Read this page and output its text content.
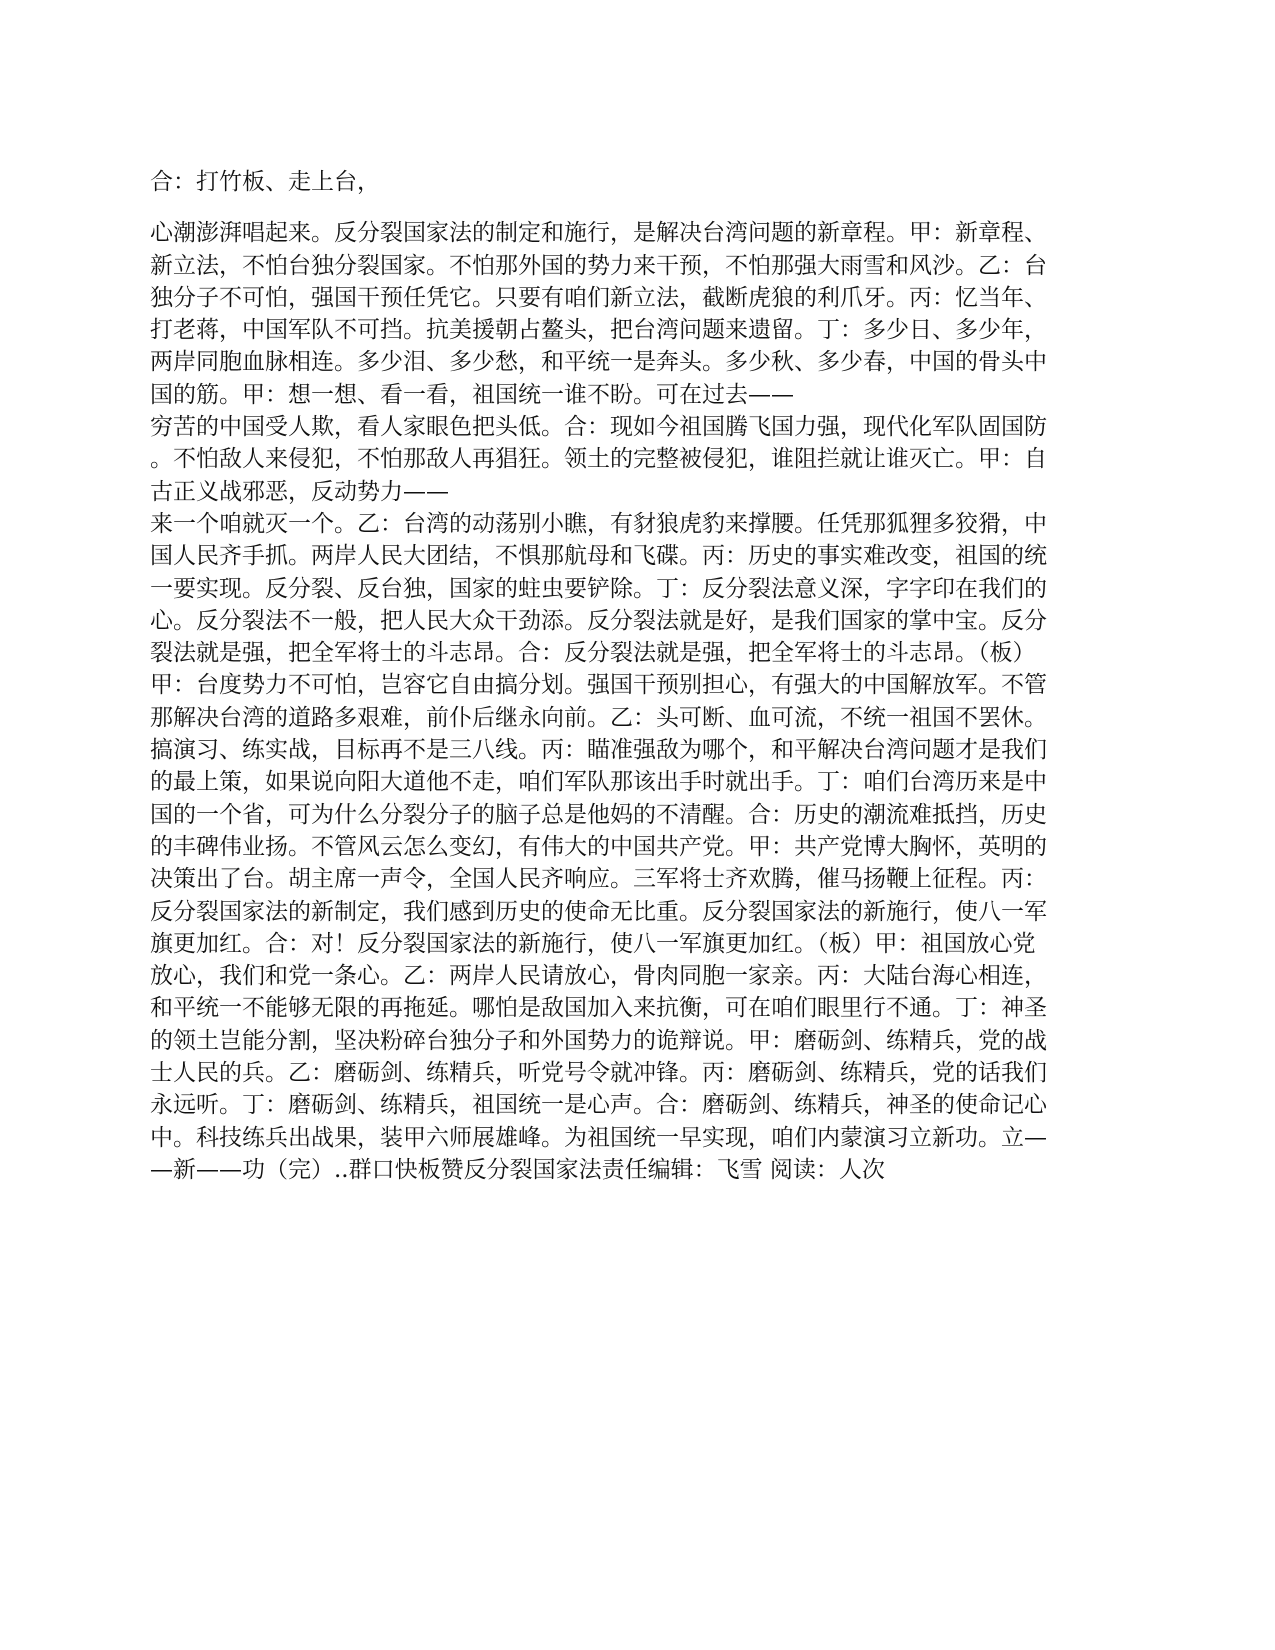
合：打竹板、走上台，

心潮澎湃唱起来。反分裂国家法的制定和施行，是解决台湾问题的新章程。甲：新章程、

新立法，不怕台独分裂国家。不怕那外国的势力来干预，不怕那强大雨雪和风沙。乙：台

独分子不可怕，强国干预任凭它。只要有咱们新立法，截断虎狼的利爪牙。丙：忆当年、

打老蒋，中国军队不可挡。抗美援朝占鳌头，把台湾问题来遗留。丁：多少日、多少年，

两岸同胞血脉相连。多少泪、多少愁，和平统一是奔头。多少秋、多少春，中国的骨头中

国的筋。甲：想一想、看一看，祖国统一谁不盼。可在过去——

穷苦的中国受人欺，看人家眼色把头低。合：现如今祖国腾飞国力强，现代化军队固国防

。不怕敌人来侵犯，不怕那敌人再猖狂。领土的完整被侵犯，谁阻拦就让谁灭亡。甲：自

古正义战邪恶，反动势力——

来一个咱就灭一个。乙：台湾的动荡别小瞧，有豺狼虎豹来撑腰。任凭那狐狸多狡猾，中

国人民齐手抓。两岸人民大团结，不惧那航母和飞碟。丙：历史的事实难改变，祖国的统

一要实现。反分裂、反台独，国家的蛀虫要铲除。丁：反分裂法意义深，字字印在我们的

心。反分裂法不一般，把人民大众干劲添。反分裂法就是好，是我们国家的掌中宝。反分

裂法就是强，把全军将士的斗志昂。合：反分裂法就是强，把全军将士的斗志昂。（板）

甲：台度势力不可怕，岂容它自由搞分划。强国干预别担心，有强大的中国解放军。不管

那解决台湾的道路多艰难，前仆后继永向前。乙：头可断、血可流，不统一祖国不罢休。

搞演习、练实战，目标再不是三八线。丙：瞄准强敌为哪个，和平解决台湾问题才是我们

的最上策，如果说向阳大道他不走，咱们军队那该出手时就出手。丁：咱们台湾历来是中

国的一个省，可为什么分裂分子的脑子总是他妈的不清醒。合：历史的潮流难抵挡，历史

的丰碑伟业扬。不管风云怎么变幻，有伟大的中国共产党。甲：共产党博大胸怀，英明的

决策出了台。胡主席一声令，全国人民齐响应。三军将士齐欢腾，催马扬鞭上征程。丙：

反分裂国家法的新制定，我们感到历史的使命无比重。反分裂国家法的新施行，使八一军

旗更加红。合：对！反分裂国家法的新施行，使八一军旗更加红。（板）甲：祖国放心党

放心，我们和党一条心。乙：两岸人民请放心，骨肉同胞一家亲。丙：大陆台海心相连，

和平统一不能够无限的再拖延。哪怕是敌国加入来抗衡，可在咱们眼里行不通。丁：神圣

的领土岂能分割，坚决粉碎台独分子和外国势力的诡辩说。甲：磨砺剑、练精兵，党的战

士人民的兵。乙：磨砺剑、练精兵，听党号令就冲锋。丙：磨砺剑、练精兵，党的话我们

永远听。丁：磨砺剑、练精兵，祖国统一是心声。合：磨砺剑、练精兵，神圣的使命记心

中。科技练兵出战果，装甲六师展雄峰。为祖国统一早实现，咱们内蒙演习立新功。立—

—新——功（完）..群口快板赞反分裂国家法责任编辑：飞雪 阅读：人次
